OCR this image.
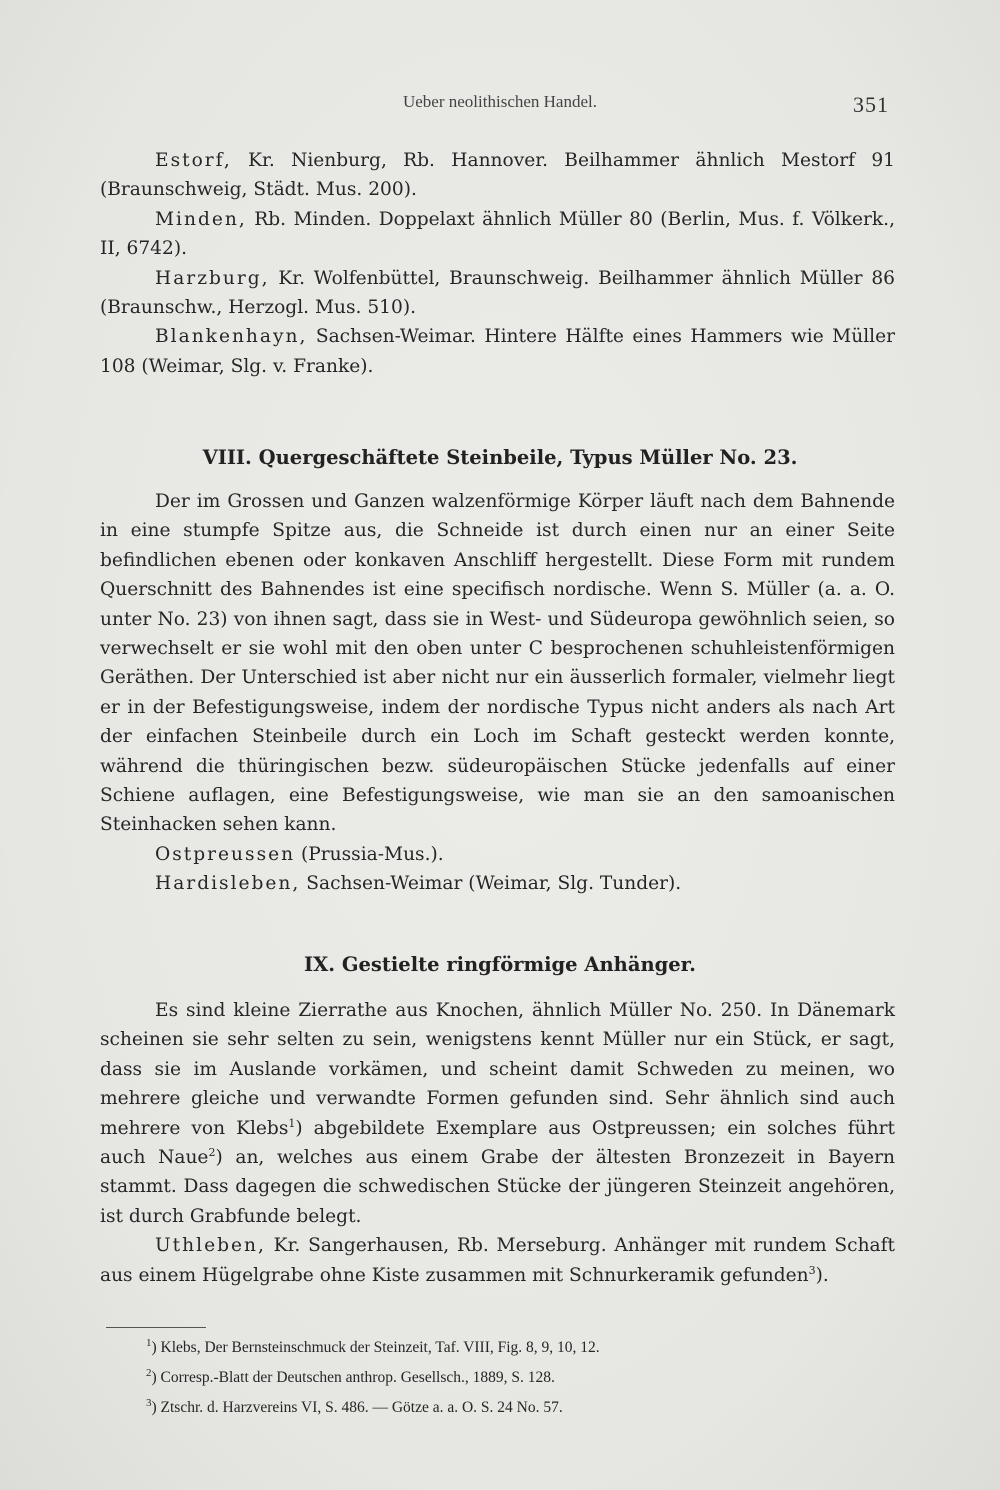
Ueber neolithischen Handel.	351

Estorf, Kr. Nienburg, Rb. Hannover. Beilhammer ähnlich Mestorf 91 (Braunschweig, Städt. Mus. 200).

Minden, Rb. Minden. Doppelaxt ähnlich Müller 80 (Berlin, Mus. f. Völkerk., II, 6742).

Harzburg, Kr. Wolfenbüttel, Braunschweig. Beilhammer ähnlich Müller 86 (Braunschw., Herzogl. Mus. 510).

Blankenhayn, Sachsen-Weimar. Hintere Hälfte eines Hammers wie Müller 108 (Weimar, Slg. v. Franke).

VIII. Quergeschäftete Steinbeile, Typus Müller No. 23.

Der im Grossen und Ganzen walzenförmige Körper läuft nach dem Bahnende in eine stumpfe Spitze aus, die Schneide ist durch einen nur an einer Seite befindlichen ebenen oder konkaven Anschliff hergestellt. Diese Form mit rundem Querschnitt des Bahnendes ist eine specifisch nordische. Wenn S. Müller (a. a. O. unter No. 23) von ihnen sagt, dass sie in West- und Südeuropa gewöhnlich seien, so verwechselt er sie wohl mit den oben unter C besprochenen schuhleistenförmigen Geräthen. Der Unterschied ist aber nicht nur ein äusserlich formaler, vielmehr liegt er in der Befestigungsweise, indem der nordische Typus nicht anders als nach Art der einfachen Steinbeile durch ein Loch im Schaft gesteckt werden konnte, während die thüringischen bezw. südeuropäischen Stücke jedenfalls auf einer Schiene auflagen, eine Befestigungsweise, wie man sie an den samoanischen Steinhacken sehen kann.

Ostpreussen (Prussia-Mus.).

Hardisleben, Sachsen-Weimar (Weimar, Slg. Tunder).

IX. Gestielte ringförmige Anhänger.

Es sind kleine Zierrathe aus Knochen, ähnlich Müller No. 250. In Dänemark scheinen sie sehr selten zu sein, wenigstens kennt Müller nur ein Stück, er sagt, dass sie im Auslande vorkämen, und scheint damit Schweden zu meinen, wo mehrere gleiche und verwandte Formen gefunden sind. Sehr ähnlich sind auch mehrere von Klebs$^1$) abgebildete Exemplare aus Ostpreussen; ein solches führt auch Naue$^2$) an, welches aus einem Grabe der ältesten Bronzezeit in Bayern stammt. Dass dagegen die schwedischen Stücke der jüngeren Steinzeit angehören, ist durch Grabfunde belegt.

Uthleben, Kr. Sangerhausen, Rb. Merseburg. Anhänger mit rundem Schaft aus einem Hügelgrabe ohne Kiste zusammen mit Schnurkeramik gefunden$^3$).

$^1$) Klebs, Der Bernsteinschmuck der Steinzeit, Taf. VIII, Fig. 8, 9, 10, 12.

$^2$) Corresp.-Blatt der Deutschen anthrop. Gesellsch., 1889, S. 128.

$^3$) Ztschr. d. Harzvereins VI, S. 486. — Götze a. a. O. S. 24 No. 57.
